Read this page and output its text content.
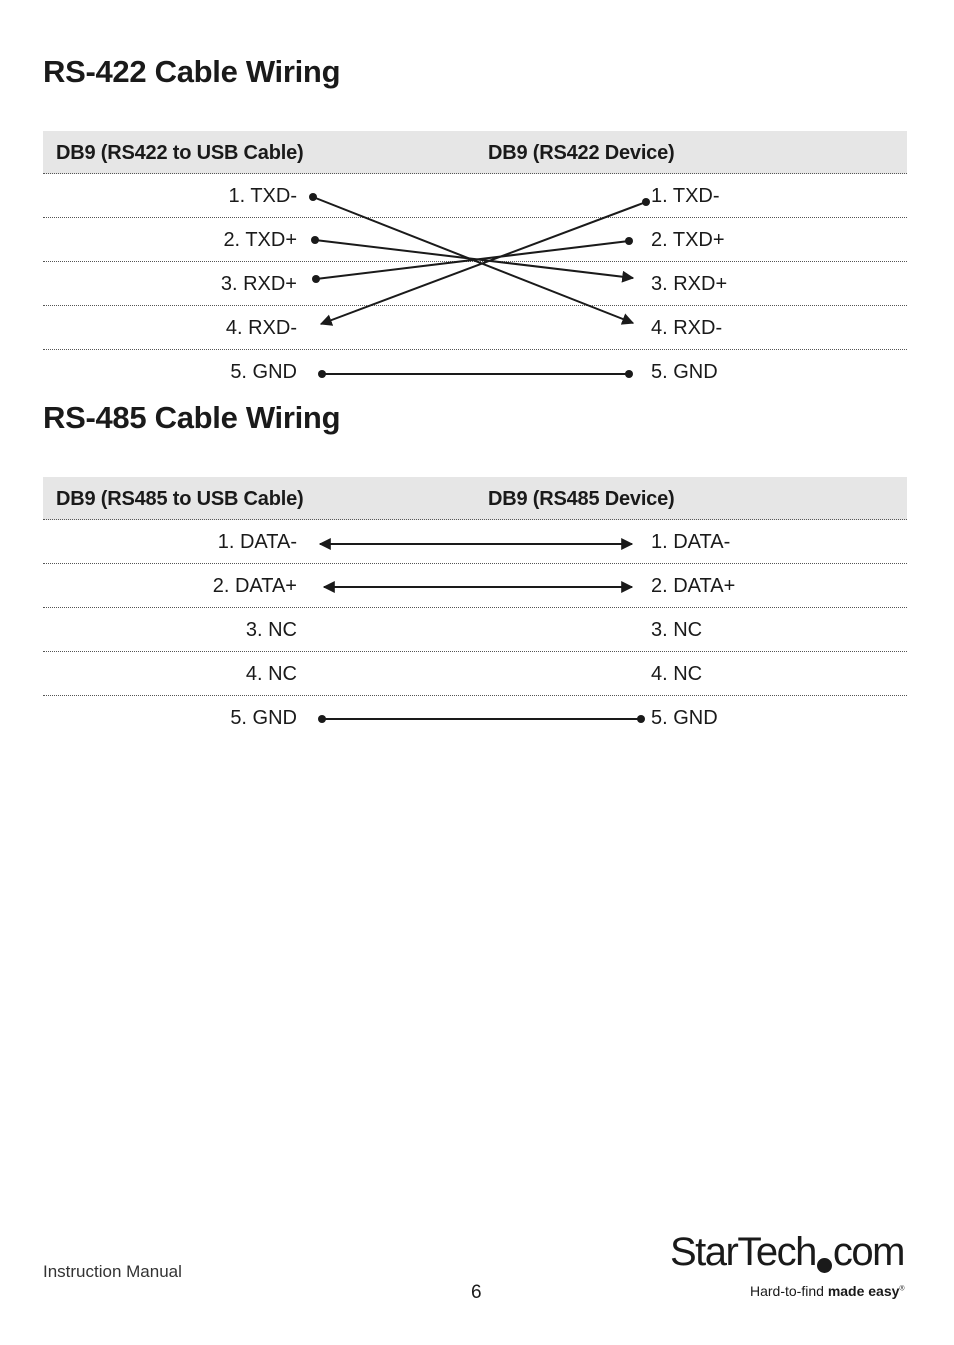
RS-422 Cable Wiring
DB9 (RS422 to USB Cable)	DB9 (RS422 Device)
1. TXD-	1. TXD-
2. TXD+	2. TXD+
3. RXD+	3. RXD+
4. RXD-	4. RXD-
5. GND	5. GND
RS-485 Cable Wiring
DB9 (RS485 to USB Cable)	DB9 (RS485 Device)
1. DATA-	1. DATA-
2. DATA+	2. DATA+
3. NC	3. NC
4. NC	4. NC
5. GND	5. GND
Instruction Manual
6
StarTech com
Hard-to-find made easy®
